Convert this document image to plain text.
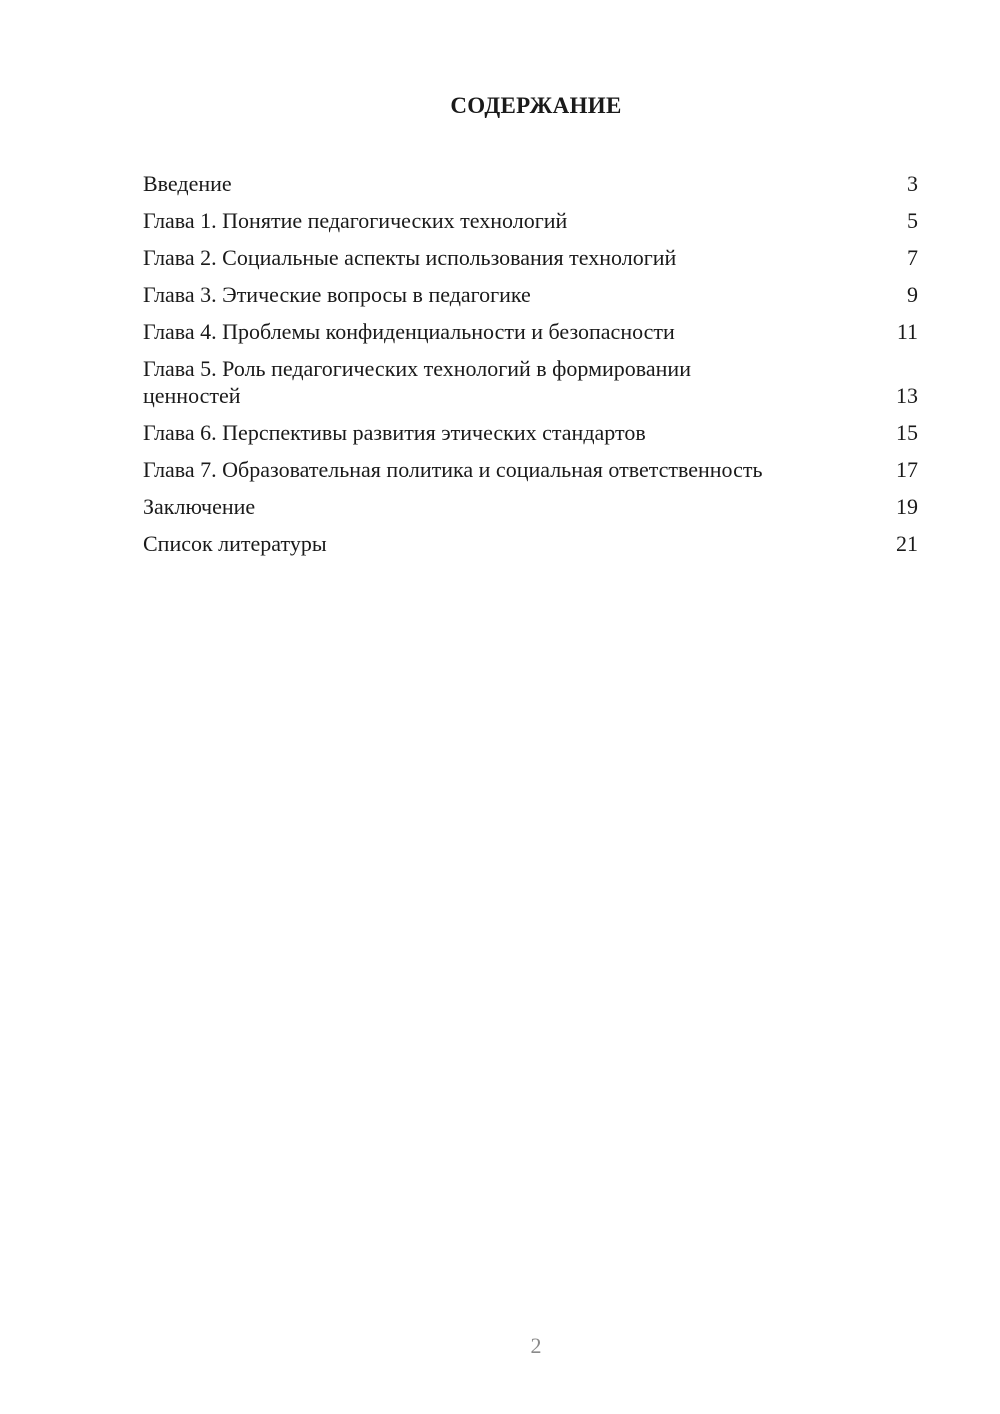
СОДЕРЖАНИЕ
Введение	3
Глава 1. Понятие педагогических технологий	5
Глава 2. Социальные аспекты использования технологий	7
Глава 3. Этические вопросы в педагогике	9
Глава 4. Проблемы конфиденциальности и безопасности	11
Глава 5. Роль педагогических технологий в формировании ценностей	13
Глава 6. Перспективы развития этических стандартов	15
Глава 7. Образовательная политика и социальная ответственность	17
Заключение	19
Список литературы	21
2
